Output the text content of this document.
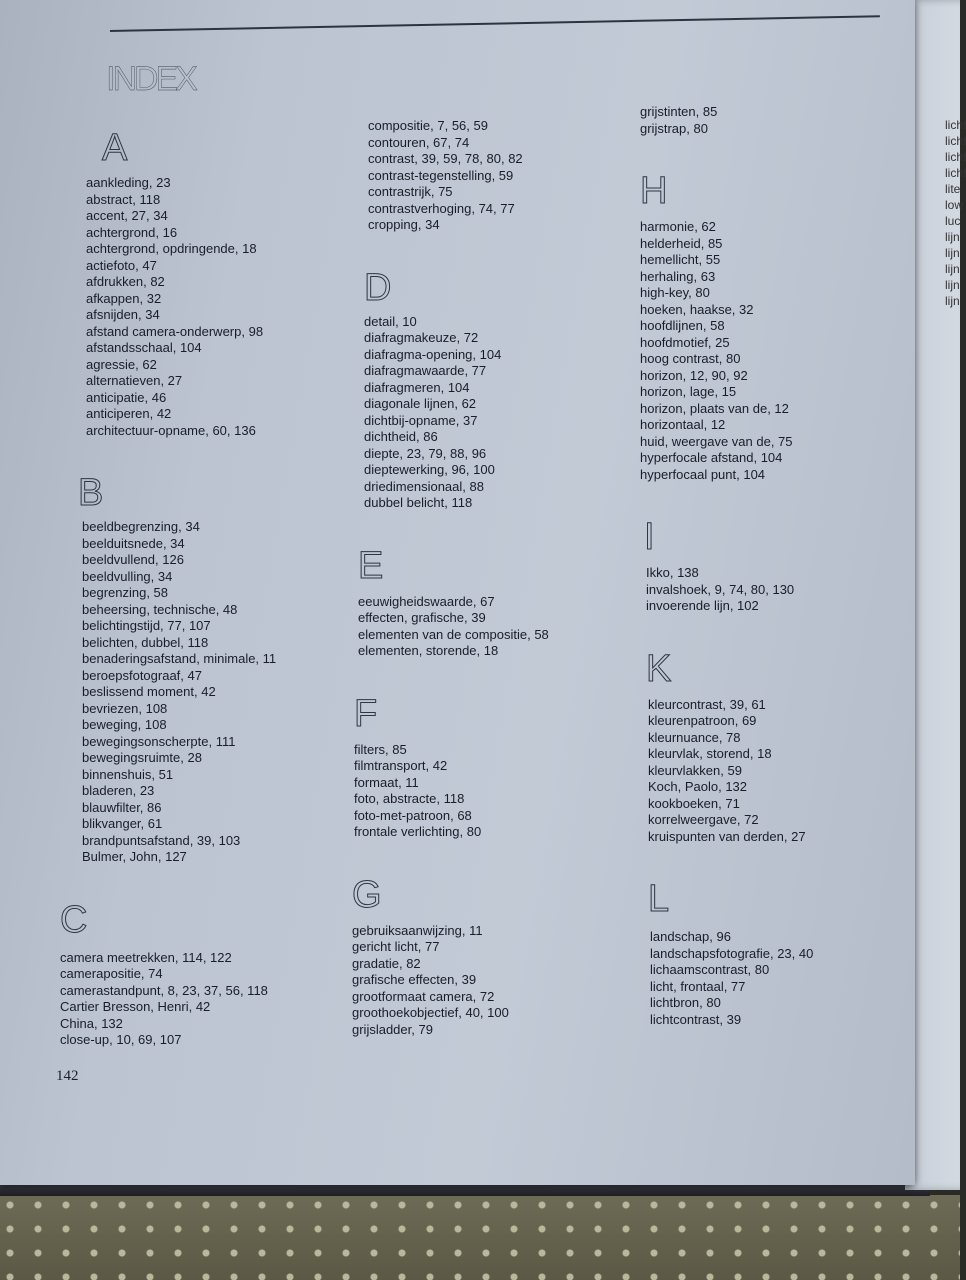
licht
licht
licht
licht
lite
low
luc
lijn
lijn
lijn
lijn
lijn
INDEX
A
aankleding, 23
abstract, 118
accent, 27, 34
achtergrond, 16
achtergrond, opdringende, 18
actiefoto, 47
afdrukken, 82
afkappen, 32
afsnijden, 34
afstand camera-onderwerp, 98
afstandsschaal, 104
agressie, 62
alternatieven, 27
anticipatie, 46
anticiperen, 42
architectuur-opname, 60, 136
B
beeldbegrenzing, 34
beelduitsnede, 34
beeldvullend, 126
beeldvulling, 34
begrenzing, 58
beheersing, technische, 48
belichtingstijd, 77, 107
belichten, dubbel, 118
benaderingsafstand, minimale, 11
beroepsfotograaf, 47
beslissend moment, 42
bevriezen, 108
beweging, 108
bewegingsonscherpte, 111
bewegingsruimte, 28
binnenshuis, 51
bladeren, 23
blauwfilter, 86
blikvanger, 61
brandpuntsafstand, 39, 103
Bulmer, John, 127
C
camera meetrekken, 114, 122
camerapositie, 74
camerastandpunt, 8, 23, 37, 56, 118
Cartier Bresson, Henri, 42
China, 132
close-up, 10, 69, 107
compositie, 7, 56, 59
contouren, 67, 74
contrast, 39, 59, 78, 80, 82
contrast-tegenstelling, 59
contrastrijk, 75
contrastverhoging, 74, 77
cropping, 34
D
detail, 10
diafragmakeuze, 72
diafragma-opening, 104
diafragmawaarde, 77
diafragmeren, 104
diagonale lijnen, 62
dichtbij-opname, 37
dichtheid, 86
diepte, 23, 79, 88, 96
dieptewerking, 96, 100
driedimensionaal, 88
dubbel belicht, 118
E
eeuwigheidswaarde, 67
effecten, grafische, 39
elementen van de compositie, 58
elementen, storende, 18
F
filters, 85
filmtransport, 42
formaat, 11
foto, abstracte, 118
foto-met-patroon, 68
frontale verlichting, 80
G
gebruiksaanwijzing, 11
gericht licht, 77
gradatie, 82
grafische effecten, 39
grootformaat camera, 72
groothoekobjectief, 40, 100
grijsladder, 79
grijstinten, 85
grijstrap, 80
H
harmonie, 62
helderheid, 85
hemellicht, 55
herhaling, 63
high-key, 80
hoeken, haakse, 32
hoofdlijnen, 58
hoofdmotief, 25
hoog contrast, 80
horizon, 12, 90, 92
horizon, lage, 15
horizon, plaats van de, 12
horizontaal, 12
huid, weergave van de, 75
hyperfocale afstand, 104
hyperfocaal punt, 104
I
Ikko, 138
invalshoek, 9, 74, 80, 130
invoerende lijn, 102
K
kleurcontrast, 39, 61
kleurenpatroon, 69
kleurnuance, 78
kleurvlak, storend, 18
kleurvlakken, 59
Koch, Paolo, 132
kookboeken, 71
korrelweergave, 72
kruispunten van derden, 27
L
landschap, 96
landschapsfotografie, 23, 40
lichaamscontrast, 80
licht, frontaal, 77
lichtbron, 80
lichtcontrast, 39
142
